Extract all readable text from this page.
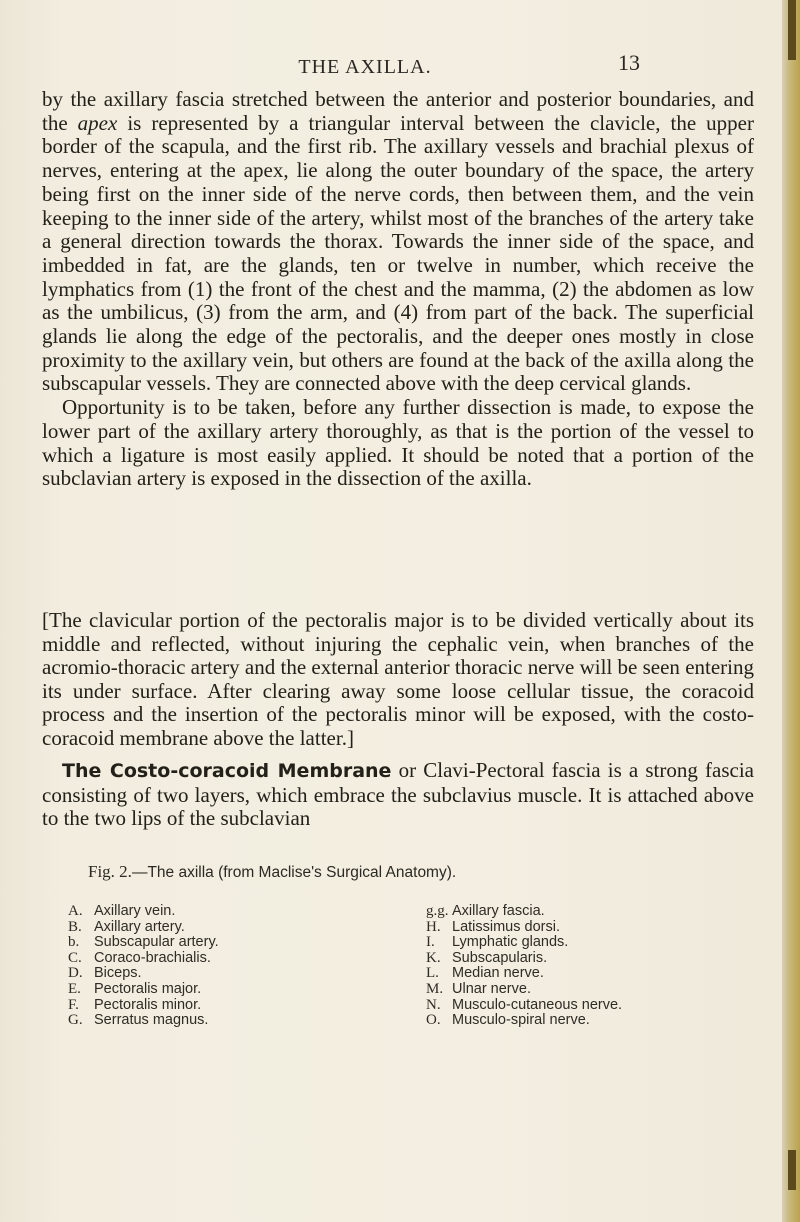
THE AXILLA.	13

by the axillary fascia stretched between the anterior and posterior boundaries, and the apex is represented by a triangular interval between the clavicle, the upper border of the scapula, and the first rib. The axillary vessels and brachial plexus of nerves, entering at the apex, lie along the outer boundary of the space, the artery being first on the inner side of the nerve cords, then between them, and the vein keeping to the inner side of the artery, whilst most of the branches of the artery take a general direction towards the thorax. Towards the inner side of the space, and imbedded in fat, are the glands, ten or twelve in number, which receive the lymphatics from (1) the front of the chest and the mamma, (2) the abdomen as low as the umbilicus, (3) from the arm, and (4) from part of the back. The superficial glands lie along the edge of the pectoralis, and the deeper ones mostly in close proximity to the axillary vein, but others are found at the back of the axilla along the subscapular vessels. They are connected above with the deep cervical glands.

Opportunity is to be taken, before any further dissection is made, to expose the lower part of the axillary artery thoroughly, as that is the portion of the vessel to which a ligature is most easily applied. It should be noted that a portion of the subclavian artery is exposed in the dissection of the axilla.

[The clavicular portion of the pectoralis major is to be divided vertically about its middle and reflected, without injuring the cephalic vein, when branches of the acromio-thoracic artery and the external anterior thoracic nerve will be seen entering its under surface. After clearing away some loose cellular tissue, the coracoid process and the insertion of the pectoralis minor will be exposed, with the costo-coracoid membrane above the latter.]

The Costo-coracoid Membrane or Clavi-Pectoral fascia is a strong fascia consisting of two layers, which embrace the subclavius muscle. It is attached above to the two lips of the subclavian

Fig. 2.—The axilla (from Maclise's Surgical Anatomy).
A. Axillary vein.
B. Axillary artery.
b.	Subscapular artery.
C. Coraco-brachialis.
D. Biceps.
E. Pectoralis major.
F.	Pectoralis minor.
G. Serratus magnus.
g.g. Axillary fascia.
H. Latissimus dorsi.
I.	Lymphatic glands.
K. Subscapularis.
L. Median nerve.
M. Ulnar nerve.
N. Musculo-cutaneous nerve.
O. Musculo-spiral nerve.
